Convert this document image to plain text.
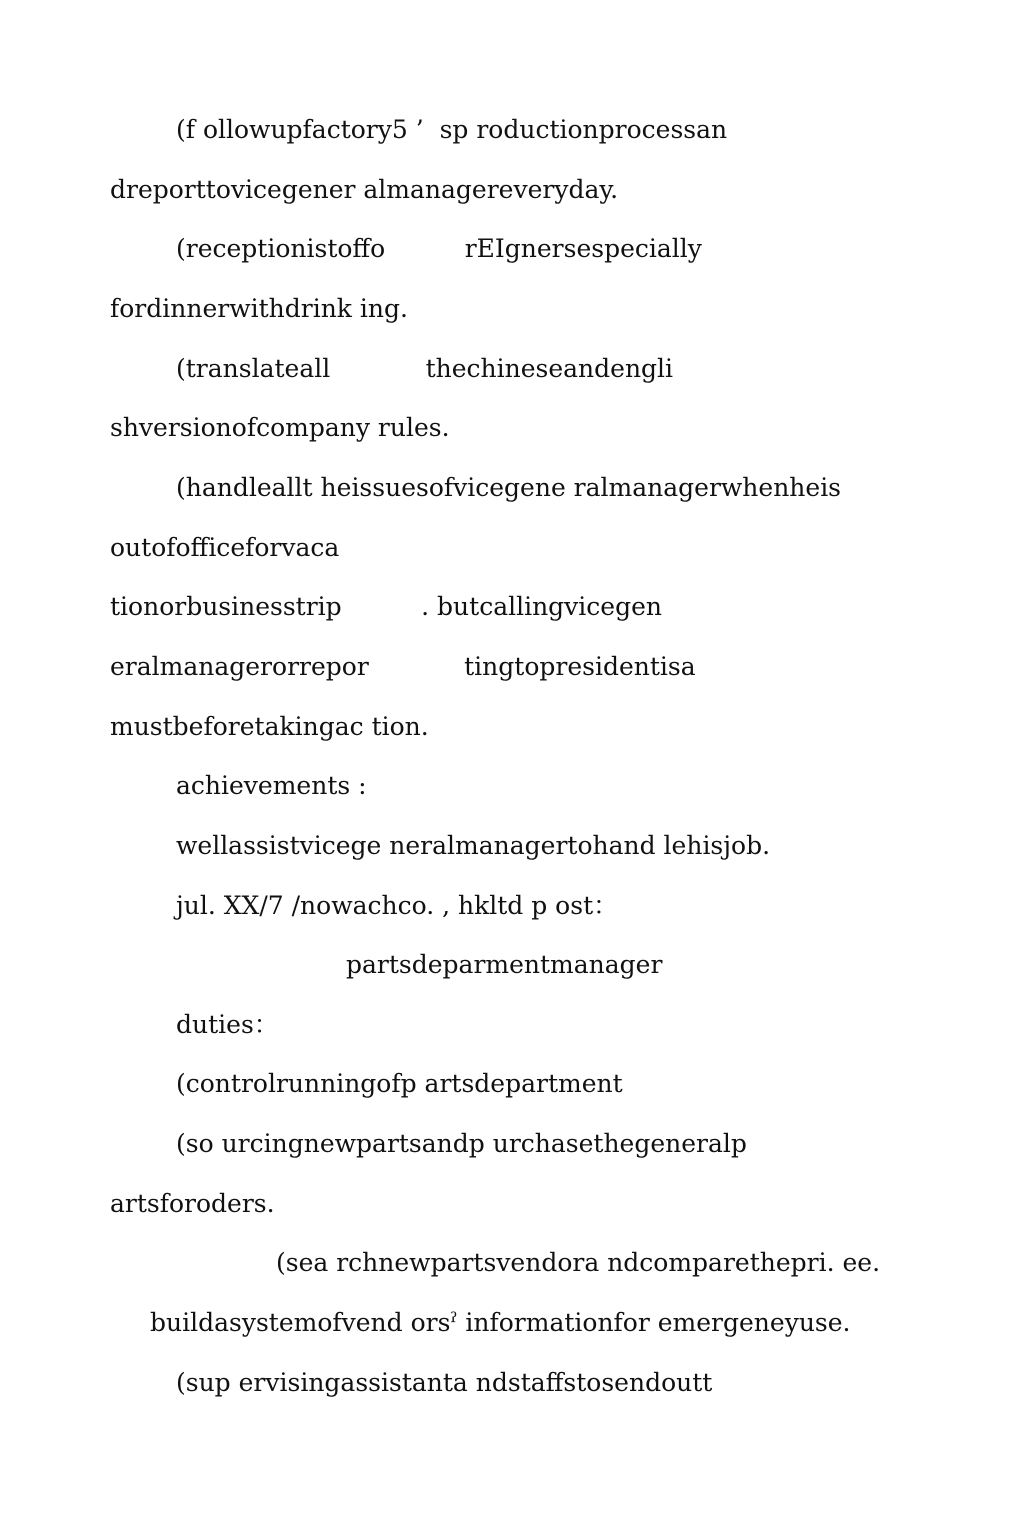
(f ollowupfactory5 ’  sp roductionprocessan
dreporttovicegener almanagereveryday.
(receptionistoffo          rEIgnersespecially
fordinnerwithdrink ing.
(translateall            thechineseandengli
shversionofcompany rules.
(handleallt heissuesofvicegene ralmanagerwhenheis
outofofficeforvaca
tionorbusinesstrip          . butcallingvicegen
eralmanagerorrepor            tingtopresidentisa
mustbeforetakingac tion.
achievements :
wellassistvicege neralmanagertohand lehisjob.
jul. XX/7 /nowachco. , hkltd p ost：
partsdeparmentmanager
duties：
(controlrunningofp artsdepartment
(so urcingnewpartsandp urchasethegeneralp
artsforoders.
(sea rchnewpartsvendora ndcomparethepri. ee.
buildasystemofvend orsˀ informationfor emergeneyuse.
(sup ervisingassistanta ndstaffstosendoutt
